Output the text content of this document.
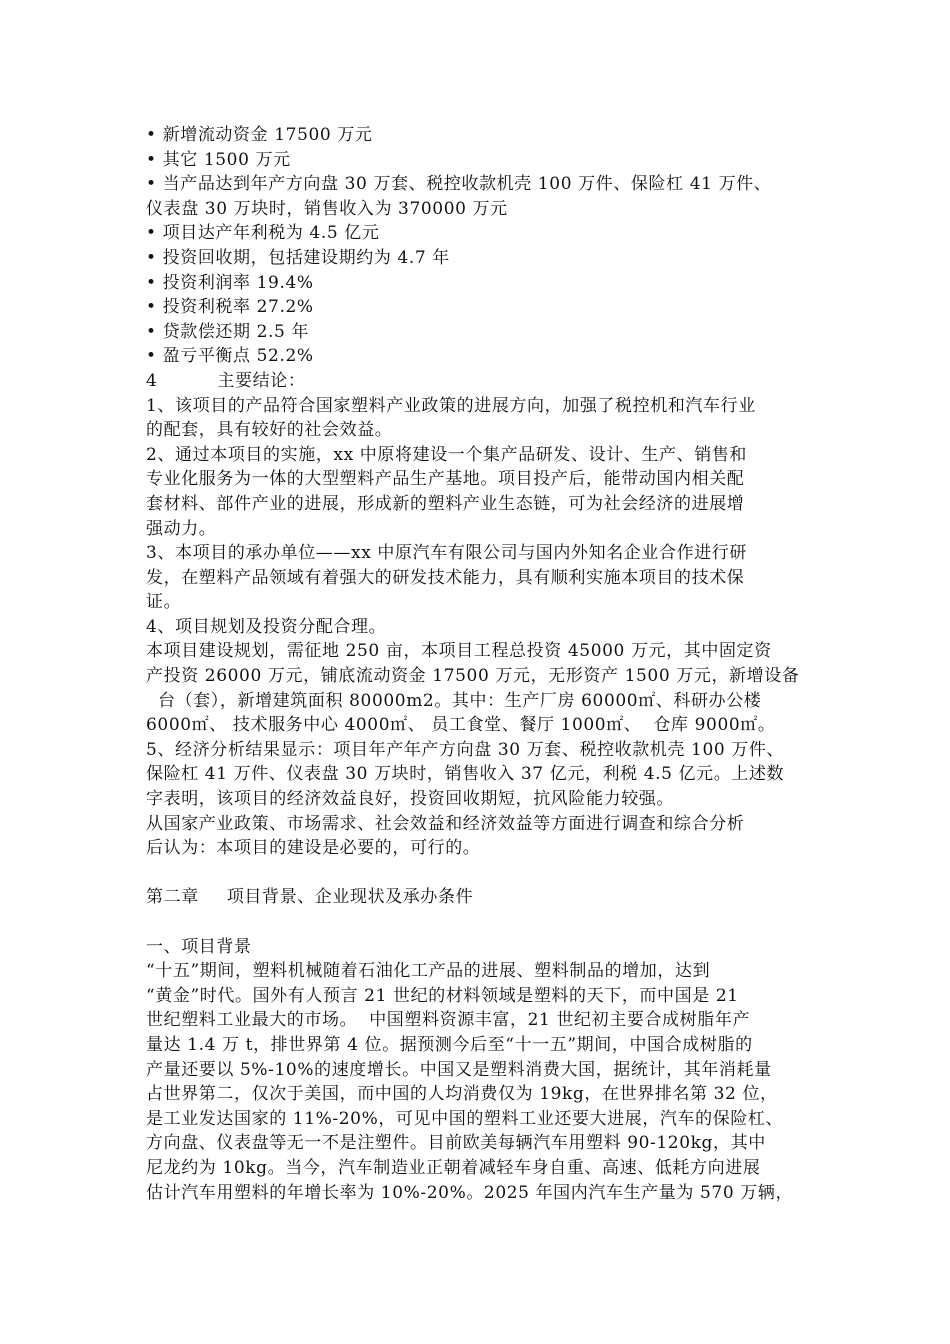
• 新增流动资金 17500 万元
• 其它 1500 万元
• 当产品达到年产方向盘 30 万套、税控收款机壳 100 万件、保险杠 41 万件、
仪表盘 30 万块时，销售收入为 370000 万元
• 项目达产年利税为 4.5 亿元
• 投资回收期，包括建设期约为 4.7 年
• 投资利润率 19.4%
• 投资利税率 27.2%
• 贷款偿还期 2.5 年
• 盈亏平衡点 52.2%
4	主要结论：
1、该项目的产品符合国家塑料产业政策的进展方向，加强了税控机和汽车行业
的配套，具有较好的社会效益。
2、通过本项目的实施，xx 中原将建设一个集产品研发、设计、生产、销售和
专业化服务为一体的大型塑料产品生产基地。项目投产后，能带动国内相关配
套材料、部件产业的进展，形成新的塑料产业生态链，可为社会经济的进展增
强动力。
3、本项目的承办单位——xx 中原汽车有限公司与国内外知名企业合作进行研
发，在塑料产品领域有着强大的研发技术能力，具有顺利实施本项目的技术保
证。
4、项目规划及投资分配合理。
本项目建设规划，需征地 250 亩，本项目工程总投资 45000 万元，其中固定资
产投资 26000 万元，铺底流动资金 17500 万元，无形资产 1500 万元，新增设备
台（套），新增建筑面积 80000m2。其中：生产厂房 60000㎡、科研办公楼
6000㎡、 技术服务中心 4000㎡、 员工食堂、餐厅 1000㎡、  仓库 9000㎡。
5、经济分析结果显示：项目年产年产方向盘 30 万套、税控收款机壳 100 万件、
保险杠 41 万件、仪表盘 30 万块时，销售收入 37 亿元，利税 4.5 亿元。上述数
字表明，该项目的经济效益良好，投资回收期短，抗风险能力较强。
从国家产业政策、市场需求、社会效益和经济效益等方面进行调查和综合分析
后认为：本项目的建设是必要的，可行的。
第二章 项目背景、企业现状及承办条件
一、项目背景
“十五”期间，塑料机械随着石油化工产品的进展、塑料制品的增加，达到
“黄金”时代。国外有人预言 21 世纪的材料领域是塑料的天下，而中国是 21
世纪塑料工业最大的市场。  中国塑料资源丰富，21 世纪初主要合成树脂年产
量达 1.4 万 t，排世界第 4 位。据预测今后至“十一五”期间，中国合成树脂的
产量还要以 5%-10%的速度增长。中国又是塑料消费大国，据统计，其年消耗量
占世界第二，仅次于美国，而中国的人均消费仅为 19kg，在世界排名第 32 位，
是工业发达国家的 11%-20%，可见中国的塑料工业还要大进展，汽车的保险杠、
方向盘、仪表盘等无一不是注塑件。目前欧美每辆汽车用塑料 90-120kg，其中
尼龙约为 10kg。当今，汽车制造业正朝着减轻车身自重、高速、低耗方向进展
估计汽车用塑料的年增长率为 10%-20%。2025 年国内汽车生产量为 570 万辆，
